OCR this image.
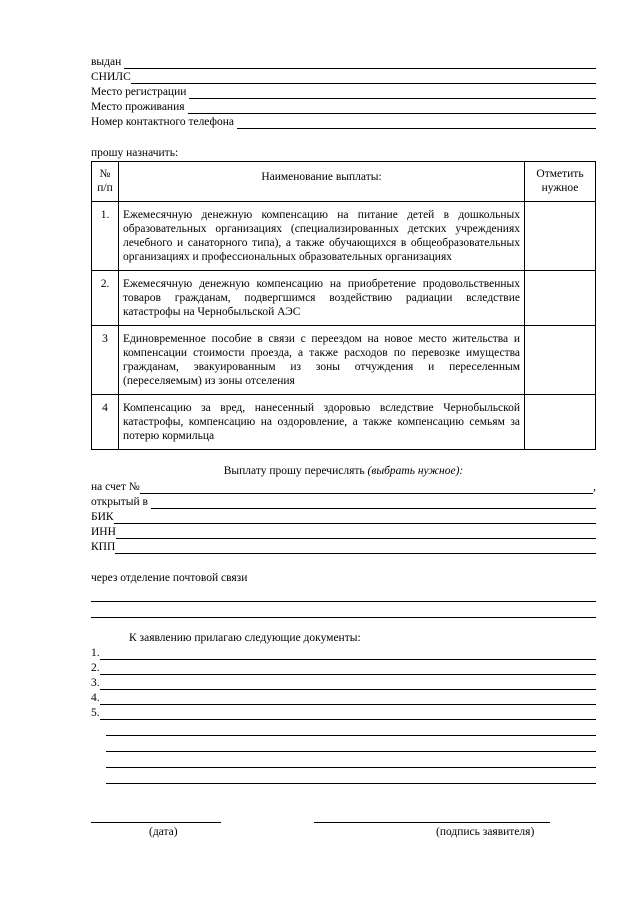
выдан
СНИЛС
Место регистрации
Место проживания
Номер контактного телефона
прошу назначить:
№ п/п	Наименование выплаты:	Отметить нужное
1.	Ежемесячную денежную компенсацию на питание детей в дошкольных образовательных организациях (специализированных детских учреждениях лечебного и санаторного типа), а также обучающихся в общеобразовательных организациях и профессиональных образовательных организациях	
2.	Ежемесячную денежную компенсацию на приобретение продовольственных товаров гражданам, подвергшимся воздействию радиации вследствие катастрофы на Чернобыльской АЭС	
3	Единовременное пособие в связи с переездом на новое место жительства и компенсации стоимости проезда, а также расходов по перевозке имущества гражданам, эвакуированным из зоны отчуждения и переселенным (переселяемым) из зоны отселения	
4	Компенсацию за вред, нанесенный здоровью вследствие Чернобыльской катастрофы, компенсацию на оздоровление, а также компенсацию семьям за потерю кормильца	
Выплату прошу перечислять (выбрать нужное):
на счет №	,
открытый в
БИК
ИНН
КПП
через отделение почтовой связи
К заявлению прилагаю следующие документы:
1.
2.
3.
4.
5.
(дата)	(подпись заявителя)
